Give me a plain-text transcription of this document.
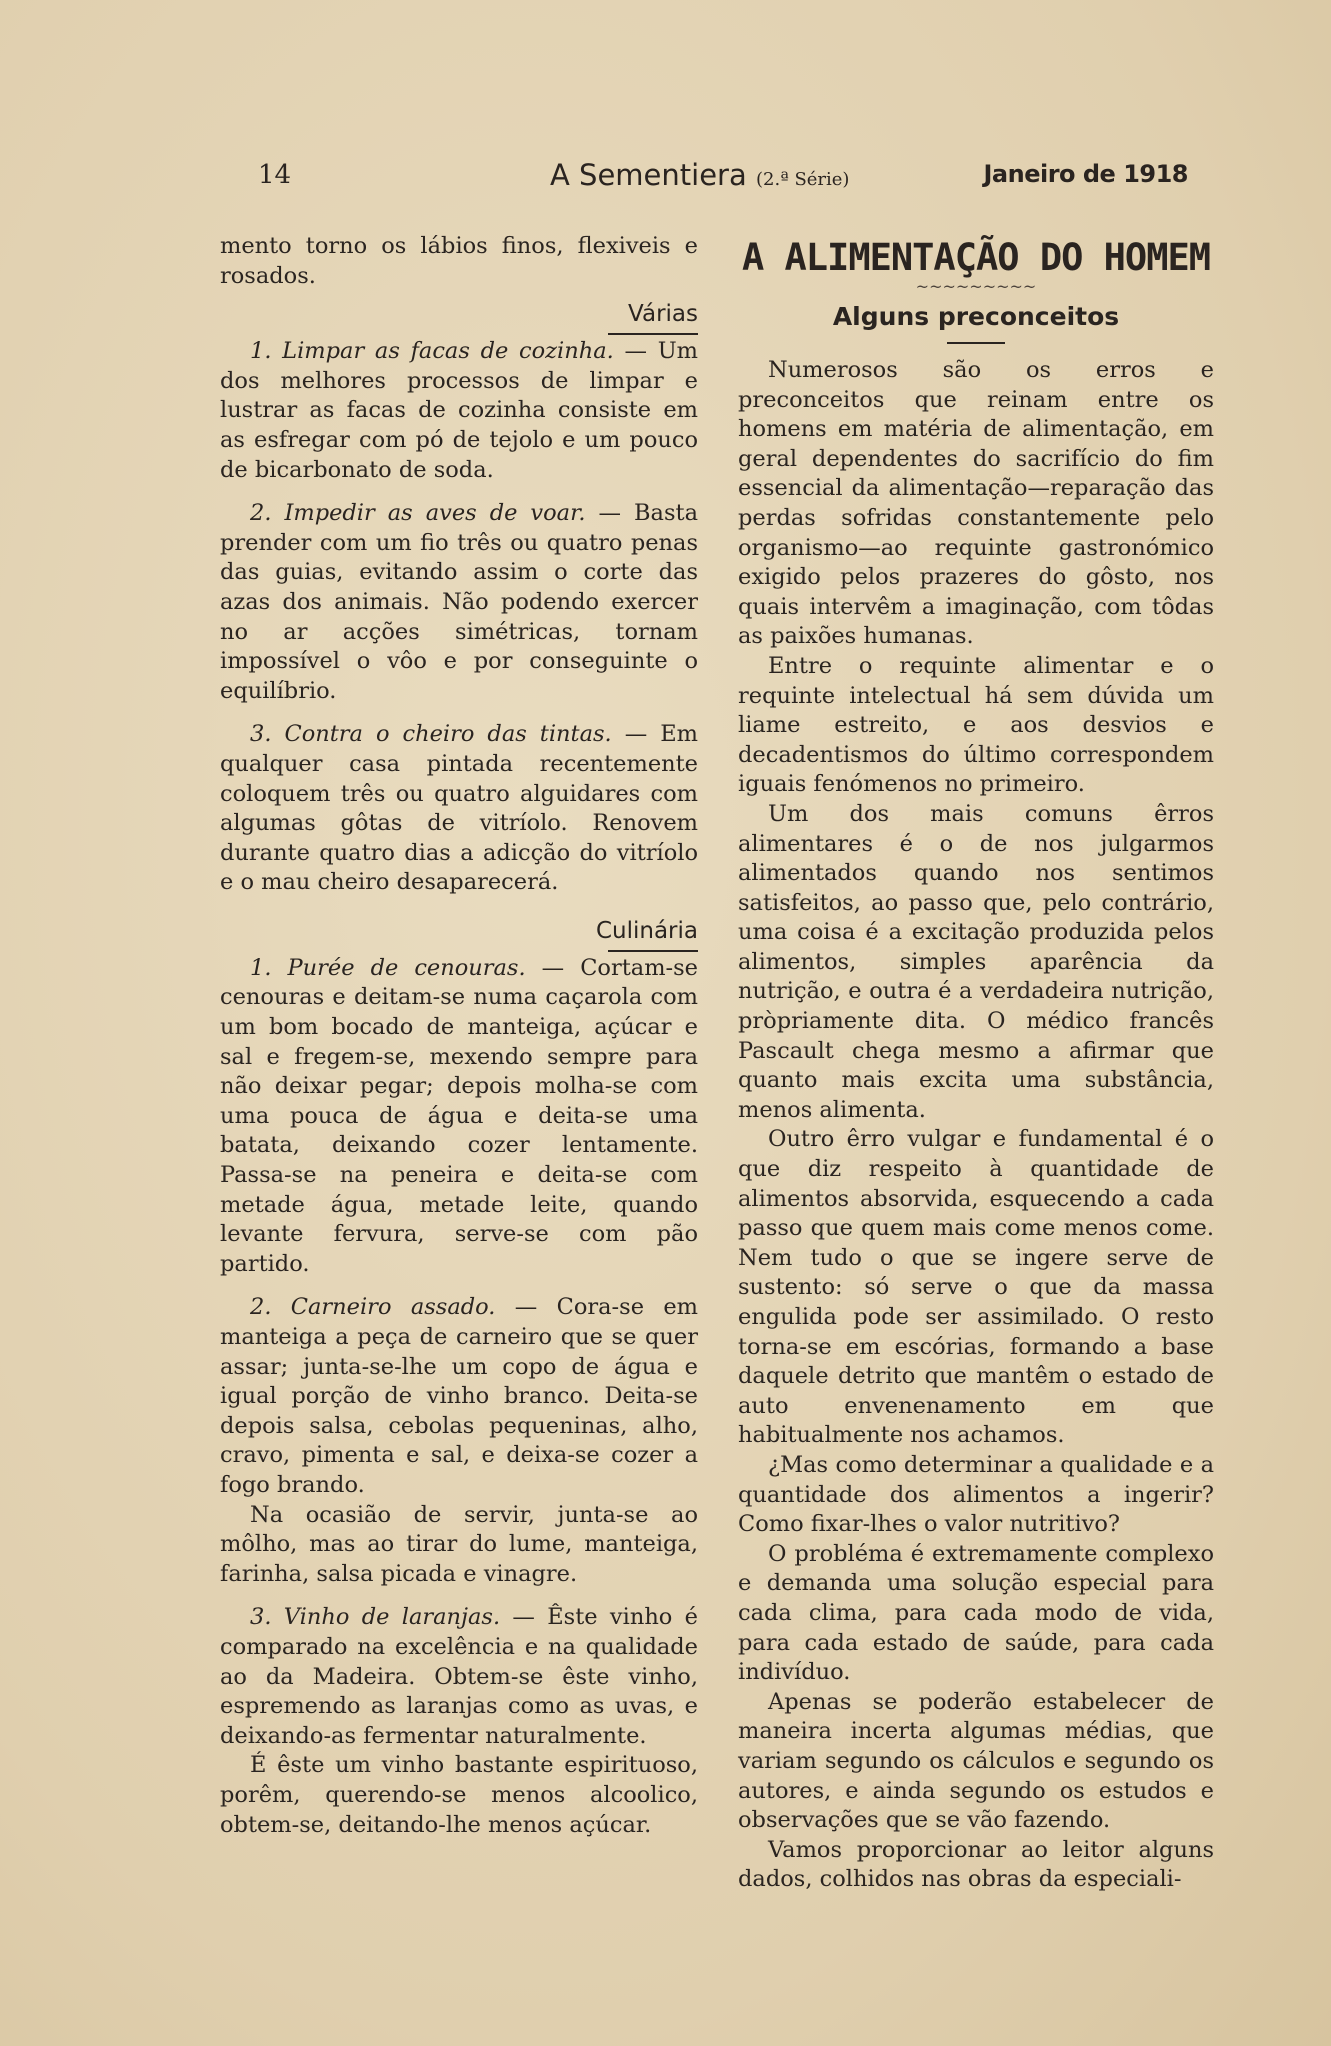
14	A Sementiera (2.ª Série)	Janeiro de 1918

mento torno os lábios finos, flexiveis e rosados.

Várias

1. Limpar as facas de cozinha. — Um dos melhores processos de limpar e lustrar as facas de cozinha consiste em as esfregar com pó de tejolo e um pouco de bicarbonato de soda.

2. Impedir as aves de voar. — Basta prender com um fio três ou quatro penas das guias, evitando assim o corte das azas dos animais. Não podendo exercer no ar acções simétricas, tornam impossível o vôo e por conseguinte o equilíbrio.

3. Contra o cheiro das tintas. — Em qualquer casa pintada recentemente coloquem três ou quatro alguidares com algumas gôtas de vitríolo. Renovem durante quatro dias a adicção do vitríolo e o mau cheiro desaparecerá.

Culinária

1. Purée de cenouras. — Cortam-se cenouras e deitam-se numa caçarola com um bom bocado de manteiga, açúcar e sal e fregem-se, mexendo sempre para não deixar pegar; depois molha-se com uma pouca de água e deita-se uma batata, deixando cozer lentamente. Passa-se na peneira e deita-se com metade água, metade leite, quando levante fervura, serve-se com pão partido.

2. Carneiro assado. — Cora-se em manteiga a peça de carneiro que se quer assar; junta-se-lhe um copo de água e igual porção de vinho branco. Deita-se depois salsa, cebolas pequeninas, alho, cravo, pimenta e sal, e deixa-se cozer a fogo brando.

Na ocasião de servir, junta-se ao môlho, mas ao tirar do lume, manteiga, farinha, salsa picada e vinagre.

3. Vinho de laranjas. — Êste vinho é comparado na excelência e na qualidade ao da Madeira. Obtem-se êste vinho, espremendo as laranjas como as uvas, e deixando-as fermentar naturalmente.

É êste um vinho bastante espirituoso, porêm, querendo-se menos alcoolico, obtem-se, deitando-lhe menos açúcar.

A ALIMENTAÇÃO DO HOMEM
~~~~~~~~~
Alguns preconceitos

Numerosos são os erros e preconceitos que reinam entre os homens em matéria de alimentação, em geral dependentes do sacrifício do fim essencial da alimentação—reparação das perdas sofridas constantemente pelo organismo—ao requinte gastronómico exigido pelos prazeres do gôsto, nos quais intervêm a imaginação, com tôdas as paixões humanas.

Entre o requinte alimentar e o requinte intelectual há sem dúvida um liame estreito, e aos desvios e decadentismos do último correspondem iguais fenómenos no primeiro.

Um dos mais comuns êrros alimentares é o de nos julgarmos alimentados quando nos sentimos satisfeitos, ao passo que, pelo contrário, uma coisa é a excitação produzida pelos alimentos, simples aparência da nutrição, e outra é a verdadeira nutrição, pròpriamente dita. O médico francês Pascault chega mesmo a afirmar que quanto mais excita uma substância, menos alimenta.

Outro êrro vulgar e fundamental é o que diz respeito à quantidade de alimentos absorvida, esquecendo a cada passo que quem mais come menos come. Nem tudo o que se ingere serve de sustento: só serve o que da massa engulida pode ser assimilado. O resto torna-se em escórias, formando a base daquele detrito que mantêm o estado de auto envenenamento em que habitualmente nos achamos.

¿Mas como determinar a qualidade e a quantidade dos alimentos a ingerir? Como fixar-lhes o valor nutritivo?

O probléma é extremamente complexo e demanda uma solução especial para cada clima, para cada modo de vida, para cada estado de saúde, para cada indivíduo.

Apenas se poderão estabelecer de maneira incerta algumas médias, que variam segundo os cálculos e segundo os autores, e ainda segundo os estudos e observações que se vão fazendo.

Vamos proporcionar ao leitor alguns dados, colhidos nas obras da especiali-
